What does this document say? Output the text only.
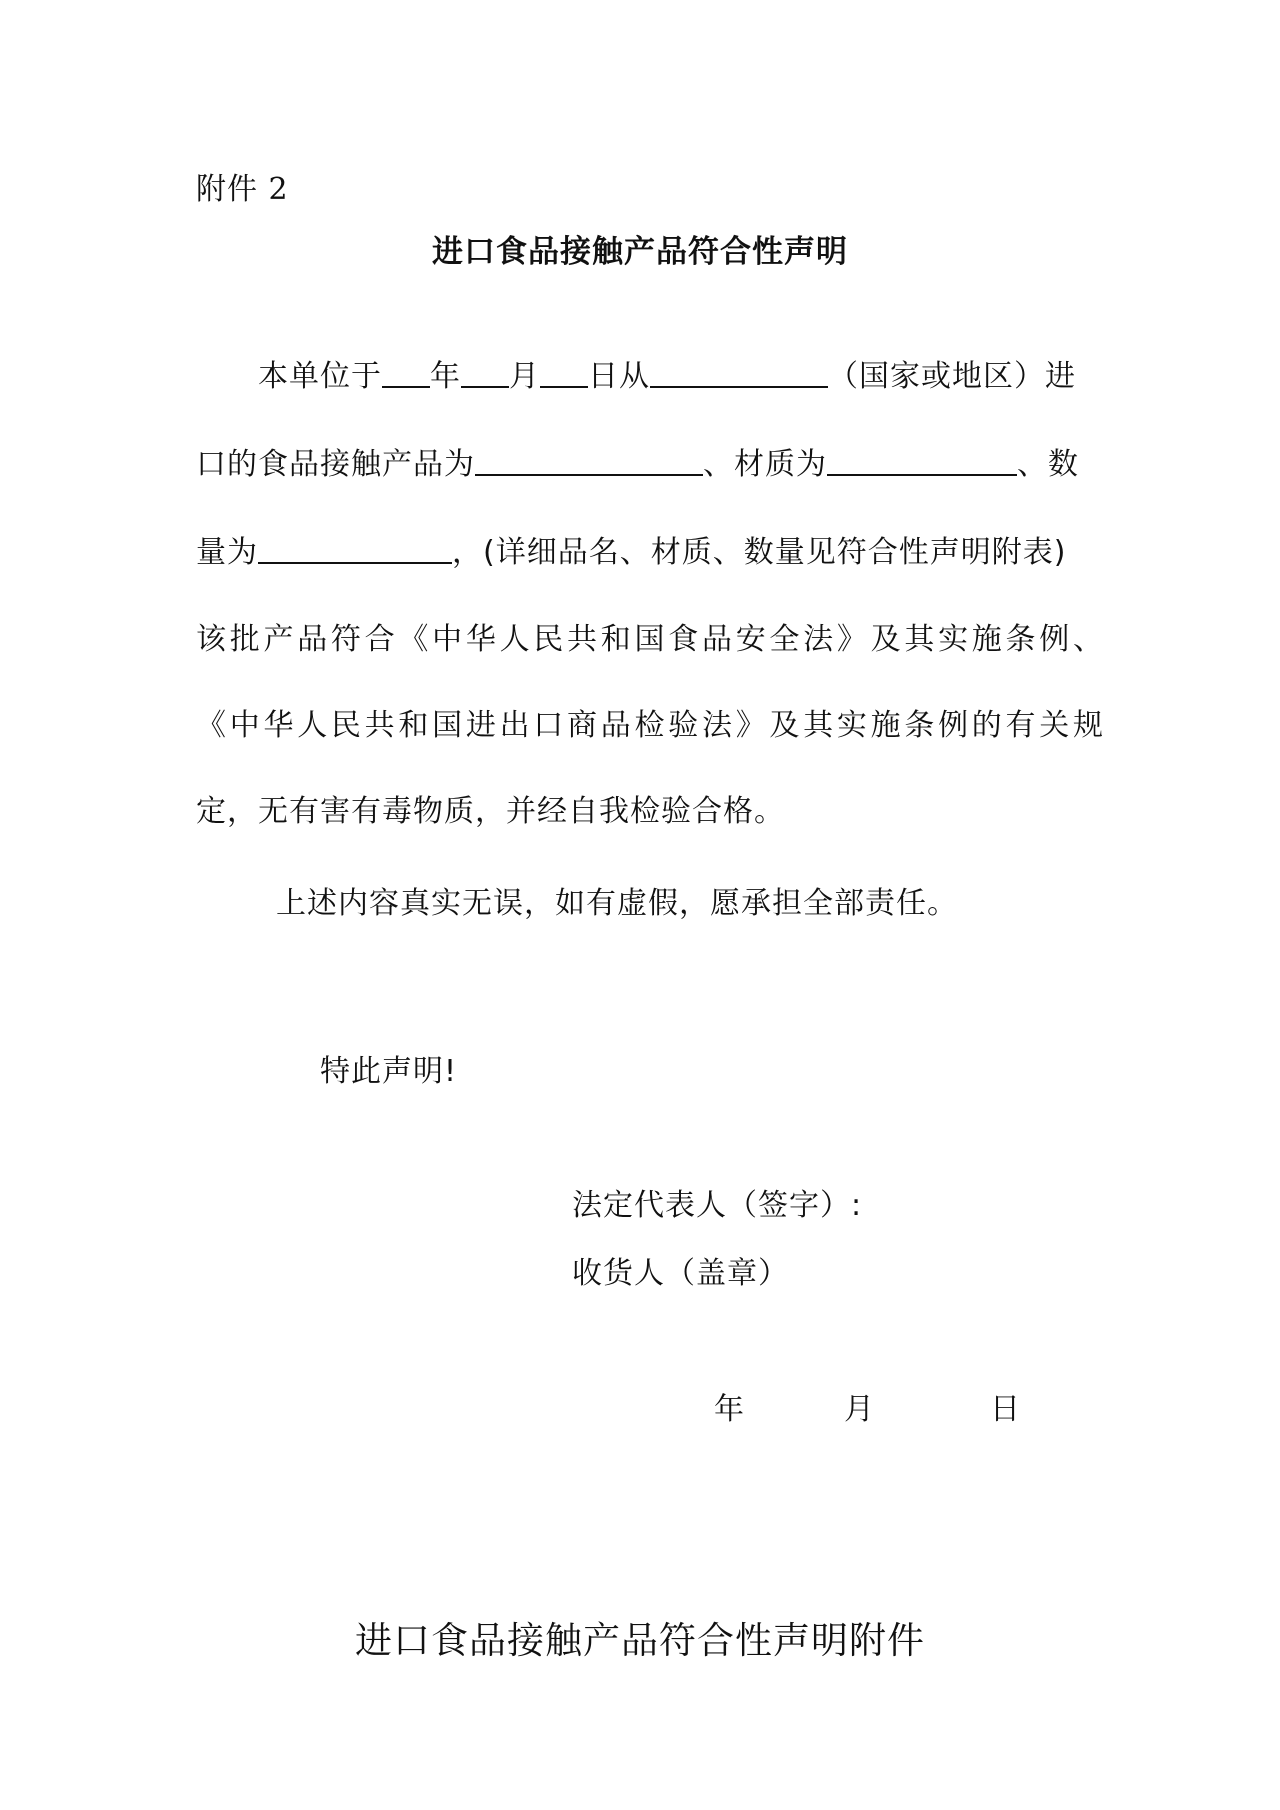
附件 2
进口食品接触产品符合性声明
本单位于 年 月 日从	（国家或地区）进
口的食品接触产品为	、材质为	、数
量为	，(详细品名、材质、数量见符合性声明附表)
该批产品符合《中华人民共和国食品安全法》及其实施条例、
《中华人民共和国进出口商品检验法》及其实施条例的有关规
定，无有害有毒物质，并经自我检验合格。
上述内容真实无误，如有虚假，愿承担全部责任。
特此声明!
法定代表人（签字）:
收货人（盖章）
年	月	日
进口食品接触产品符合性声明附件
